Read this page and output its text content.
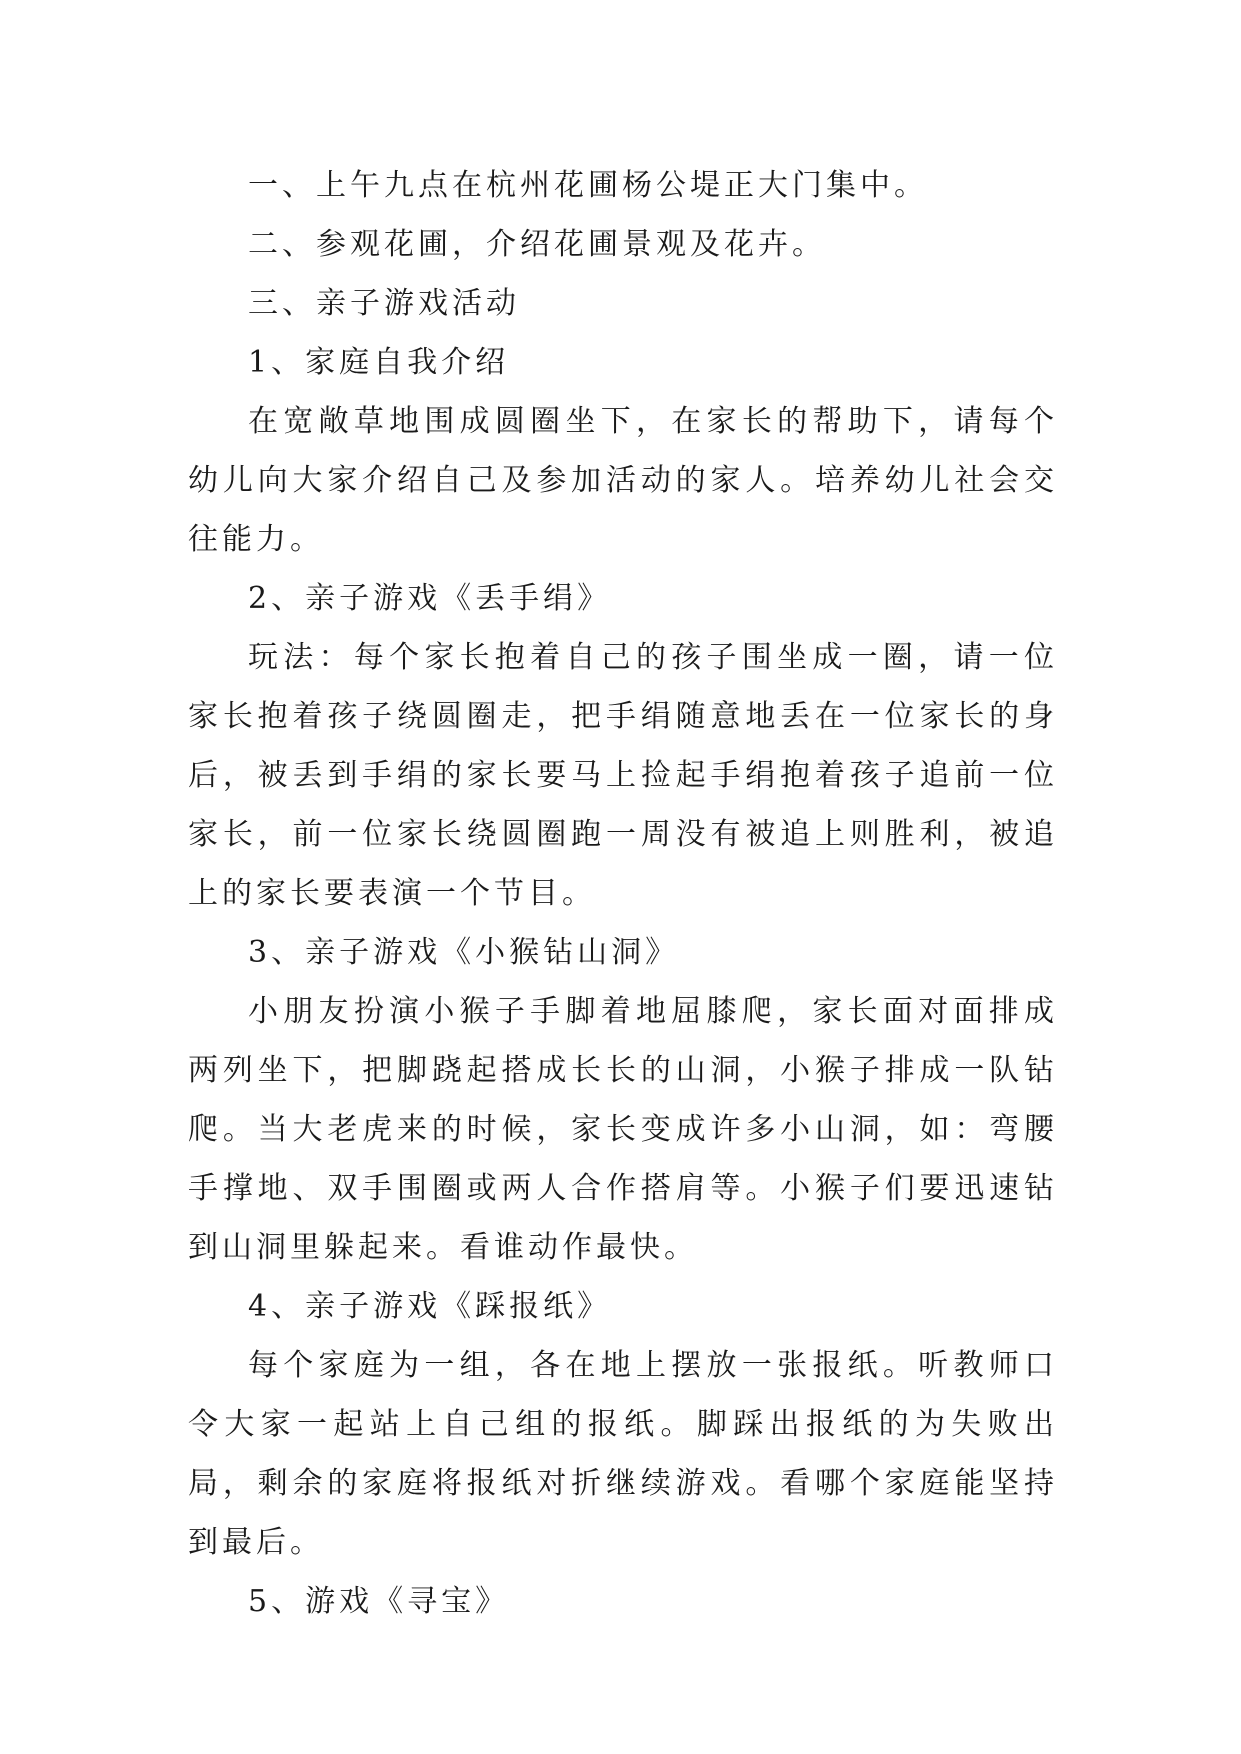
一、上午九点在杭州花圃杨公堤正大门集中。

二、参观花圃，介绍花圃景观及花卉。

三、亲子游戏活动

1、家庭自我介绍

在宽敞草地围成圆圈坐下，在家长的帮助下，请每个幼儿向大家介绍自己及参加活动的家人。培养幼儿社会交往能力。

2、亲子游戏《丢手绢》

玩法：每个家长抱着自己的孩子围坐成一圈，请一位家长抱着孩子绕圆圈走，把手绢随意地丢在一位家长的身后，被丢到手绢的家长要马上捡起手绢抱着孩子追前一位家长，前一位家长绕圆圈跑一周没有被追上则胜利，被追上的家长要表演一个节目。

3、亲子游戏《小猴钻山洞》

小朋友扮演小猴子手脚着地屈膝爬，家长面对面排成两列坐下，把脚跷起搭成长长的山洞，小猴子排成一队钻爬。当大老虎来的时候，家长变成许多小山洞，如：弯腰手撑地、双手围圈或两人合作搭肩等。小猴子们要迅速钻到山洞里躲起来。看谁动作最快。

4、亲子游戏《踩报纸》

每个家庭为一组，各在地上摆放一张报纸。听教师口令大家一起站上自己组的报纸。脚踩出报纸的为失败出局，剩余的家庭将报纸对折继续游戏。看哪个家庭能坚持到最后。

5、游戏《寻宝》
